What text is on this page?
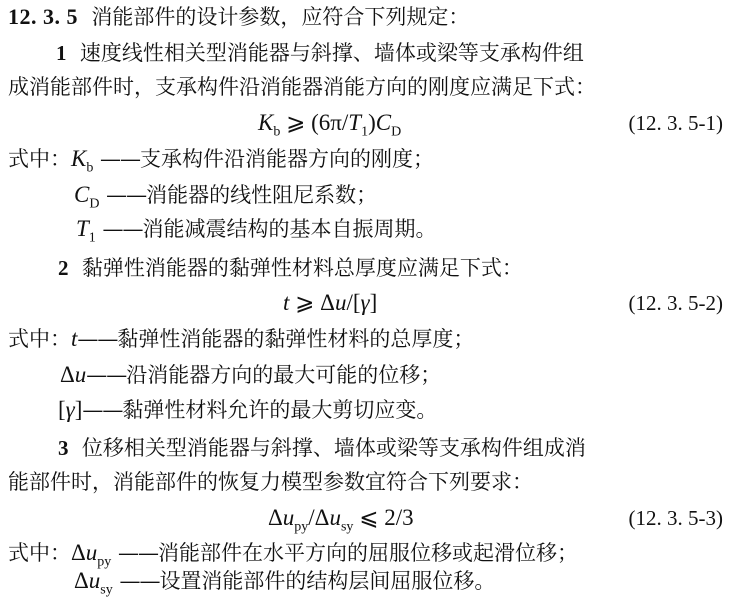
12. 3. 5 消能部件的设计参数，应符合下列规定：
1 速度线性相关型消能器与斜撑、墙体或梁等支承构件组
成消能部件时，支承构件沿消能器消能方向的刚度应满足下式：
$K_b$ ⩾ $(6\pi/T_1)C_D$	(12. 3. 5-1)
式中：$K_b$ ——支承构件沿消能器方向的刚度；
$C_D$ ——消能器的线性阻尼系数；
$T_1$ ——消能减震结构的基本自振周期。
2 黏弹性消能器的黏弹性材料总厚度应满足下式：
t ⩾ Δu/[γ]	(12. 3. 5-2)
式中：t——黏弹性消能器的黏弹性材料的总厚度；
Δu——沿消能器方向的最大可能的位移；
[γ]——黏弹性材料允许的最大剪切应变。
3 位移相关型消能器与斜撑、墙体或梁等支承构件组成消
能部件时，消能部件的恢复力模型参数宜符合下列要求：
$\Delta u_{py}/\Delta u_{sy}$ ⩽ 2/3	(12. 3. 5-3)
式中：$\Delta u_{py}$ ——消能部件在水平方向的屈服位移或起滑位移；
$\Delta u_{sy}$ ——设置消能部件的结构层间屈服位移。
